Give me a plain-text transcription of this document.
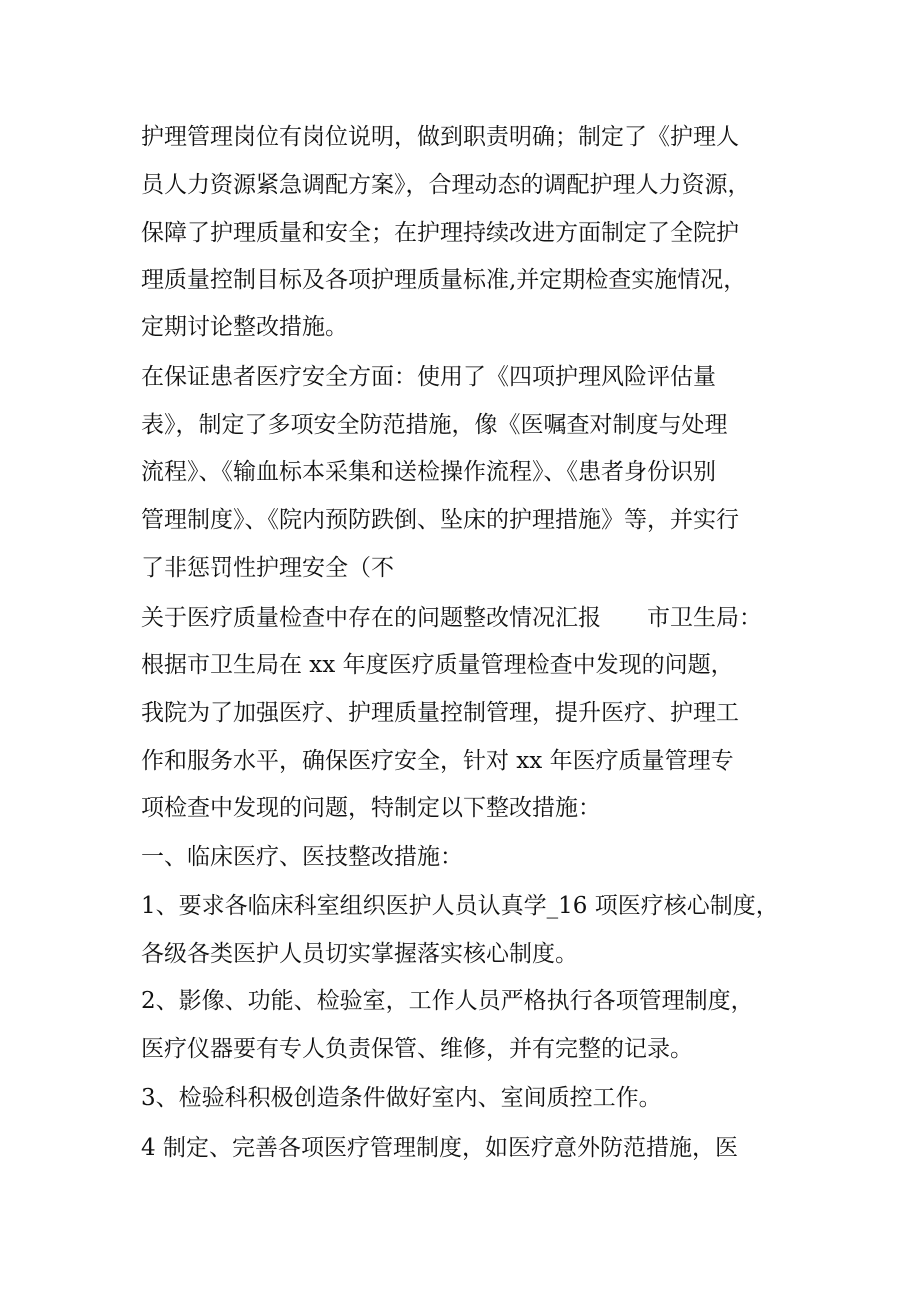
护理管理岗位有岗位说明，做到职责明确；制定了《护理人
员人力资源紧急调配方案》，合理动态的调配护理人力资源，
保障了护理质量和安全；在护理持续改进方面制定了全院护
理质量控制目标及各项护理质量标准,并定期检查实施情况，
定期讨论整改措施。
在保证患者医疗安全方面：使用了《四项护理风险评估量
表》，制定了多项安全防范措施，像《医嘱查对制度与处理
流程》、《输血标本采集和送检操作流程》、《患者身份识别
管理制度》、《院内预防跌倒、坠床的护理措施》等，并实行
了非惩罚性护理安全（不
关于医疗质量检查中存在的问题整改情况汇报　　市卫生局：
根据市卫生局在 xx 年度医疗质量管理检查中发现的问题，
我院为了加强医疗、护理质量控制管理，提升医疗、护理工
作和服务水平，确保医疗安全，针对 xx 年医疗质量管理专
项检查中发现的问题，特制定以下整改措施：
一、临床医疗、医技整改措施：
1、要求各临床科室组织医护人员认真学_16 项医疗核心制度，
各级各类医护人员切实掌握落实核心制度。
2、影像、功能、检验室，工作人员严格执行各项管理制度，
医疗仪器要有专人负责保管、维修，并有完整的记录。
3、检验科积极创造条件做好室内、室间质控工作。
4 制定、完善各项医疗管理制度，如医疗意外防范措施，医
